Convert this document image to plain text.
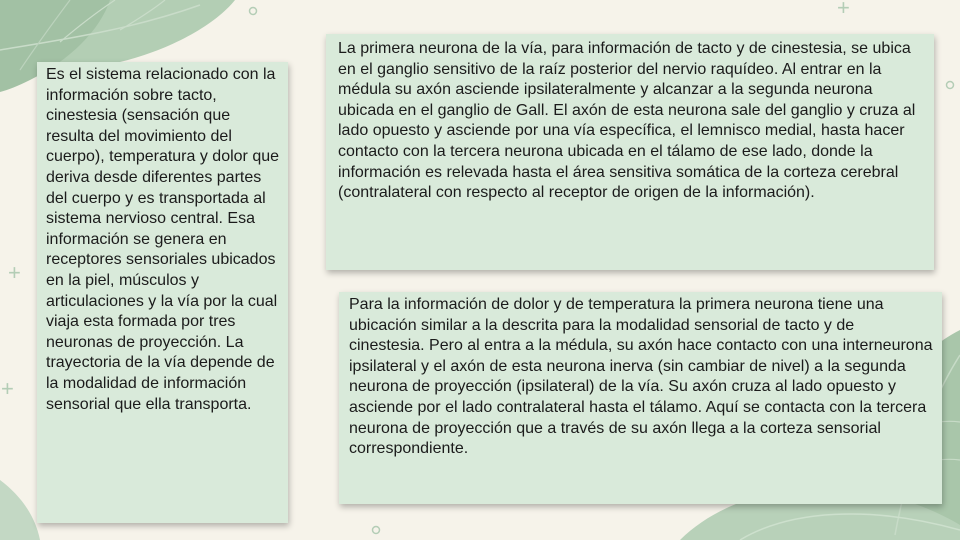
+
+
+
Es el sistema relacionado con la información sobre tacto, cinestesia (sensación que resulta del movimiento del cuerpo), temperatura y dolor que deriva desde diferentes partes del cuerpo y es transportada al sistema nervioso central. Esa información se genera en receptores sensoriales ubicados en la piel, músculos y articulaciones y la vía por la cual viaja esta formada por tres neuronas de proyección. La trayectoria de la vía depende de la modalidad de información sensorial que ella transporta.
La primera neurona de la vía, para información de tacto y de cinestesia, se ubica en el ganglio sensitivo de la raíz posterior del nervio raquídeo. Al entrar en la médula su axón asciende ipsilateralmente y alcanzar a la segunda neurona ubicada en el ganglio de Gall. El axón de esta neurona sale del ganglio y cruza al lado opuesto y asciende por una vía específica, el lemnisco medial, hasta hacer contacto con la tercera neurona ubicada en el tálamo de ese lado, donde la información es relevada hasta el área sensitiva somática de la corteza cerebral (contralateral con respecto al receptor de origen de la información).
Para la información de dolor y de temperatura la primera neurona tiene una ubicación similar a la descrita para la modalidad sensorial de tacto y de cinestesia. Pero al entra a la médula, su axón hace contacto con una interneurona ipsilateral y el axón de esta neurona inerva (sin cambiar de nivel) a la segunda neurona de proyección (ipsilateral) de la vía. Su axón cruza al lado opuesto y asciende por el lado contralateral hasta el tálamo. Aquí se contacta con la tercera neurona de proyección que a través de su axón llega a la corteza sensorial correspondiente.
